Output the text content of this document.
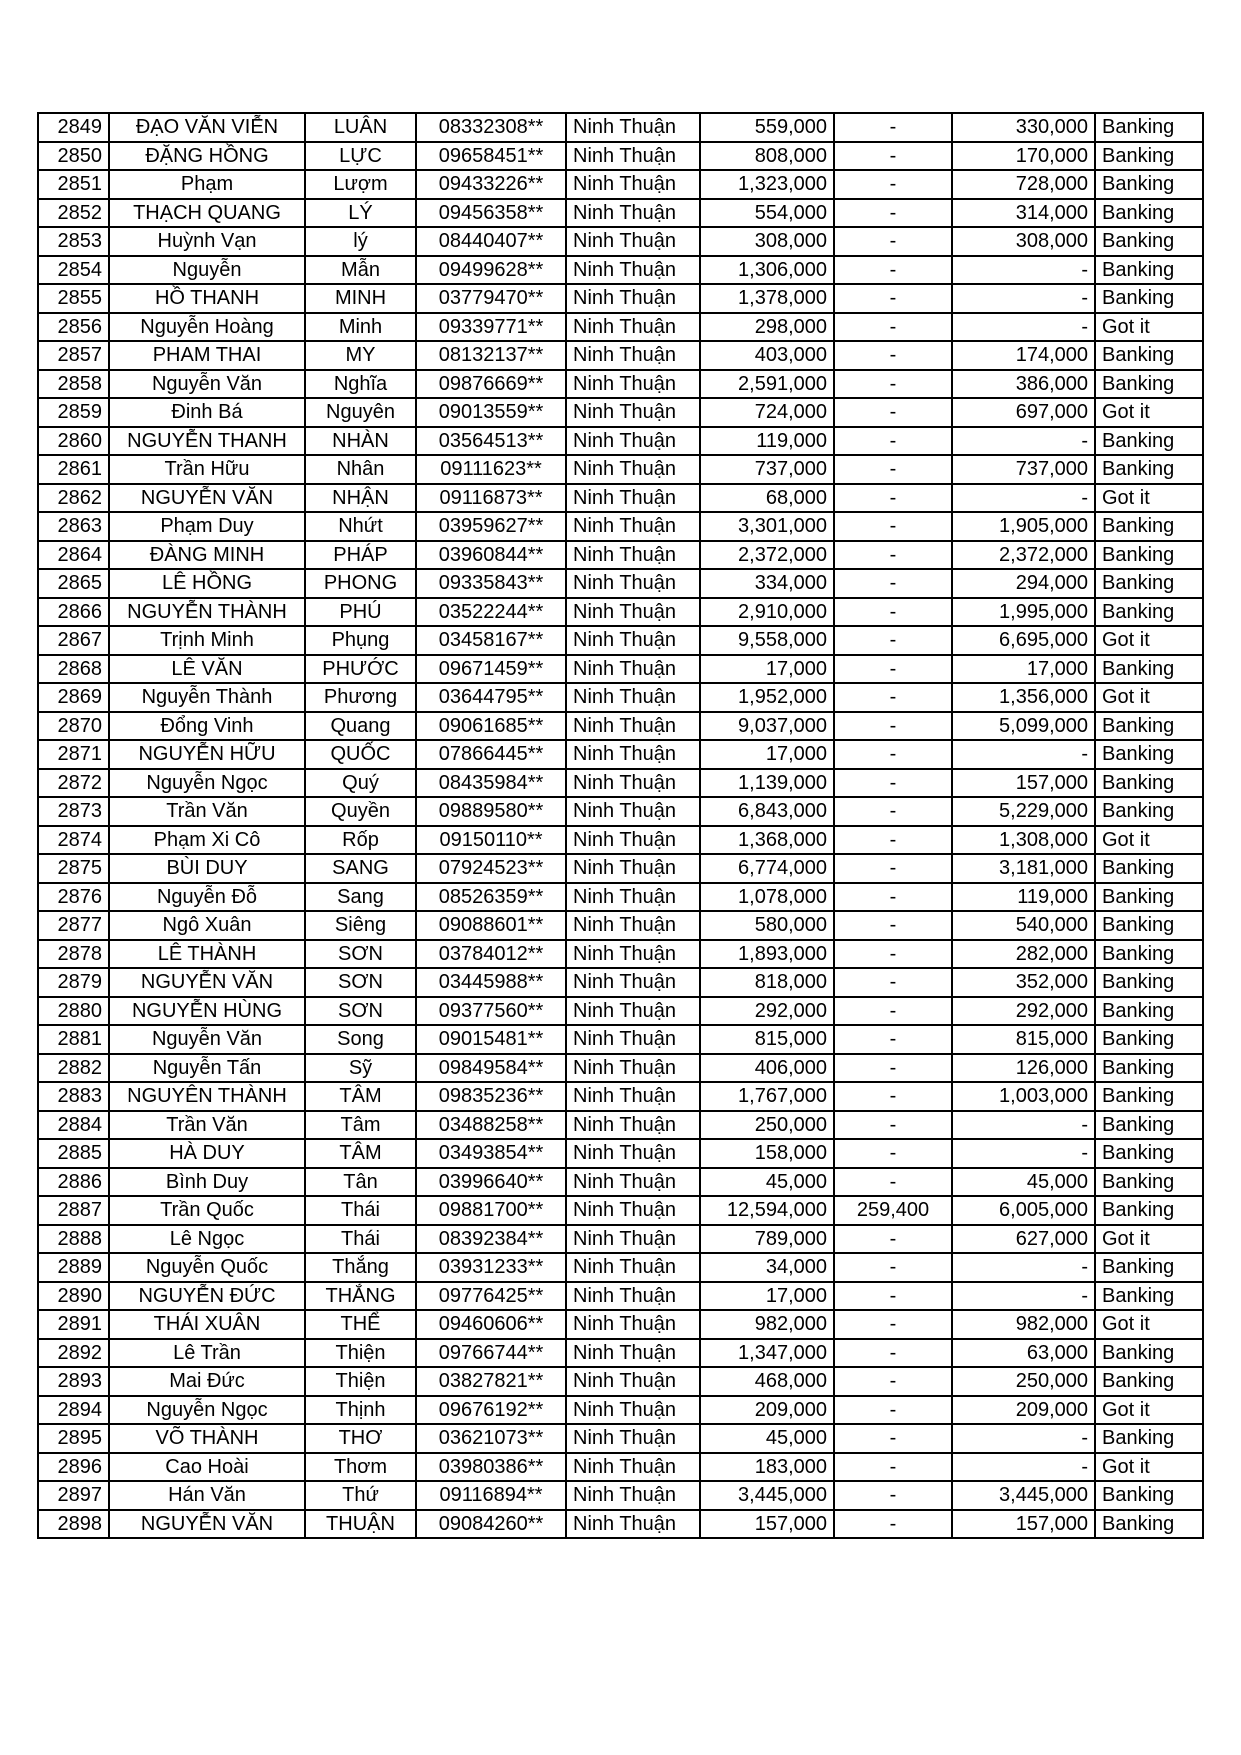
2849	ĐẠO VĂN VIỄN	LUÂN	08332308**	Ninh Thuận	559,000	-	330,000	Banking
2850	ĐẶNG HỒNG	LỰC	09658451**	Ninh Thuận	808,000	-	170,000	Banking
2851	Phạm	Lượm	09433226**	Ninh Thuận	1,323,000	-	728,000	Banking
2852	THẠCH QUANG	LÝ	09456358**	Ninh Thuận	554,000	-	314,000	Banking
2853	Huỳnh Vạn	lý	08440407**	Ninh Thuận	308,000	-	308,000	Banking
2854	Nguyễn	Mẫn	09499628**	Ninh Thuận	1,306,000	-	-	Banking
2855	HỒ THANH	MINH	03779470**	Ninh Thuận	1,378,000	-	-	Banking
2856	Nguyễn Hoàng	Minh	09339771**	Ninh Thuận	298,000	-	-	Got it
2857	PHAM THAI	MY	08132137**	Ninh Thuận	403,000	-	174,000	Banking
2858	Nguyễn Văn	Nghĩa	09876669**	Ninh Thuận	2,591,000	-	386,000	Banking
2859	Đinh Bá	Nguyên	09013559**	Ninh Thuận	724,000	-	697,000	Got it
2860	NGUYỄN THANH	NHÀN	03564513**	Ninh Thuận	119,000	-	-	Banking
2861	Trần Hữu	Nhân	09111623**	Ninh Thuận	737,000	-	737,000	Banking
2862	NGUYỄN VĂN	NHẬN	09116873**	Ninh Thuận	68,000	-	-	Got it
2863	Phạm Duy	Nhứt	03959627**	Ninh Thuận	3,301,000	-	1,905,000	Banking
2864	ĐÀNG MINH	PHÁP	03960844**	Ninh Thuận	2,372,000	-	2,372,000	Banking
2865	LÊ HỒNG	PHONG	09335843**	Ninh Thuận	334,000	-	294,000	Banking
2866	NGUYỄN THÀNH	PHÚ	03522244**	Ninh Thuận	2,910,000	-	1,995,000	Banking
2867	Trịnh Minh	Phụng	03458167**	Ninh Thuận	9,558,000	-	6,695,000	Got it
2868	LÊ VĂN	PHƯỚC	09671459**	Ninh Thuận	17,000	-	17,000	Banking
2869	Nguyễn Thành	Phương	03644795**	Ninh Thuận	1,952,000	-	1,356,000	Got it
2870	Đổng Vinh	Quang	09061685**	Ninh Thuận	9,037,000	-	5,099,000	Banking
2871	NGUYỄN HỮU	QUỐC	07866445**	Ninh Thuận	17,000	-	-	Banking
2872	Nguyễn Ngọc	Quý	08435984**	Ninh Thuận	1,139,000	-	157,000	Banking
2873	Trần Văn	Quyền	09889580**	Ninh Thuận	6,843,000	-	5,229,000	Banking
2874	Phạm Xi Cô	Rốp	09150110**	Ninh Thuận	1,368,000	-	1,308,000	Got it
2875	BÙI DUY	SANG	07924523**	Ninh Thuận	6,774,000	-	3,181,000	Banking
2876	Nguyễn Đỗ	Sang	08526359**	Ninh Thuận	1,078,000	-	119,000	Banking
2877	Ngô Xuân	Siêng	09088601**	Ninh Thuận	580,000	-	540,000	Banking
2878	LÊ THÀNH	SƠN	03784012**	Ninh Thuận	1,893,000	-	282,000	Banking
2879	NGUYỄN VĂN	SƠN	03445988**	Ninh Thuận	818,000	-	352,000	Banking
2880	NGUYỄN HÙNG	SƠN	09377560**	Ninh Thuận	292,000	-	292,000	Banking
2881	Nguyễn Văn	Song	09015481**	Ninh Thuận	815,000	-	815,000	Banking
2882	Nguyễn Tấn	Sỹ	09849584**	Ninh Thuận	406,000	-	126,000	Banking
2883	NGUYÊN THÀNH	TÂM	09835236**	Ninh Thuận	1,767,000	-	1,003,000	Banking
2884	Trần Văn	Tâm	03488258**	Ninh Thuận	250,000	-	-	Banking
2885	HÀ DUY	TÂM	03493854**	Ninh Thuận	158,000	-	-	Banking
2886	Bình Duy	Tân	03996640**	Ninh Thuận	45,000	-	45,000	Banking
2887	Trần Quốc	Thái	09881700**	Ninh Thuận	12,594,000	259,400	6,005,000	Banking
2888	Lê Ngọc	Thái	08392384**	Ninh Thuận	789,000	-	627,000	Got it
2889	Nguyễn Quốc	Thắng	03931233**	Ninh Thuận	34,000	-	-	Banking
2890	NGUYỄN ĐỨC	THẮNG	09776425**	Ninh Thuận	17,000	-	-	Banking
2891	THÁI XUÂN	THỂ	09460606**	Ninh Thuận	982,000	-	982,000	Got it
2892	Lê Trần	Thiện	09766744**	Ninh Thuận	1,347,000	-	63,000	Banking
2893	Mai Đức	Thiện	03827821**	Ninh Thuận	468,000	-	250,000	Banking
2894	Nguyễn Ngọc	Thịnh	09676192**	Ninh Thuận	209,000	-	209,000	Got it
2895	VÕ THÀNH	THƠ	03621073**	Ninh Thuận	45,000	-	-	Banking
2896	Cao Hoài	Thơm	03980386**	Ninh Thuận	183,000	-	-	Got it
2897	Hán Văn	Thứ	09116894**	Ninh Thuận	3,445,000	-	3,445,000	Banking
2898	NGUYỄN VĂN	THUẬN	09084260**	Ninh Thuận	157,000	-	157,000	Banking
